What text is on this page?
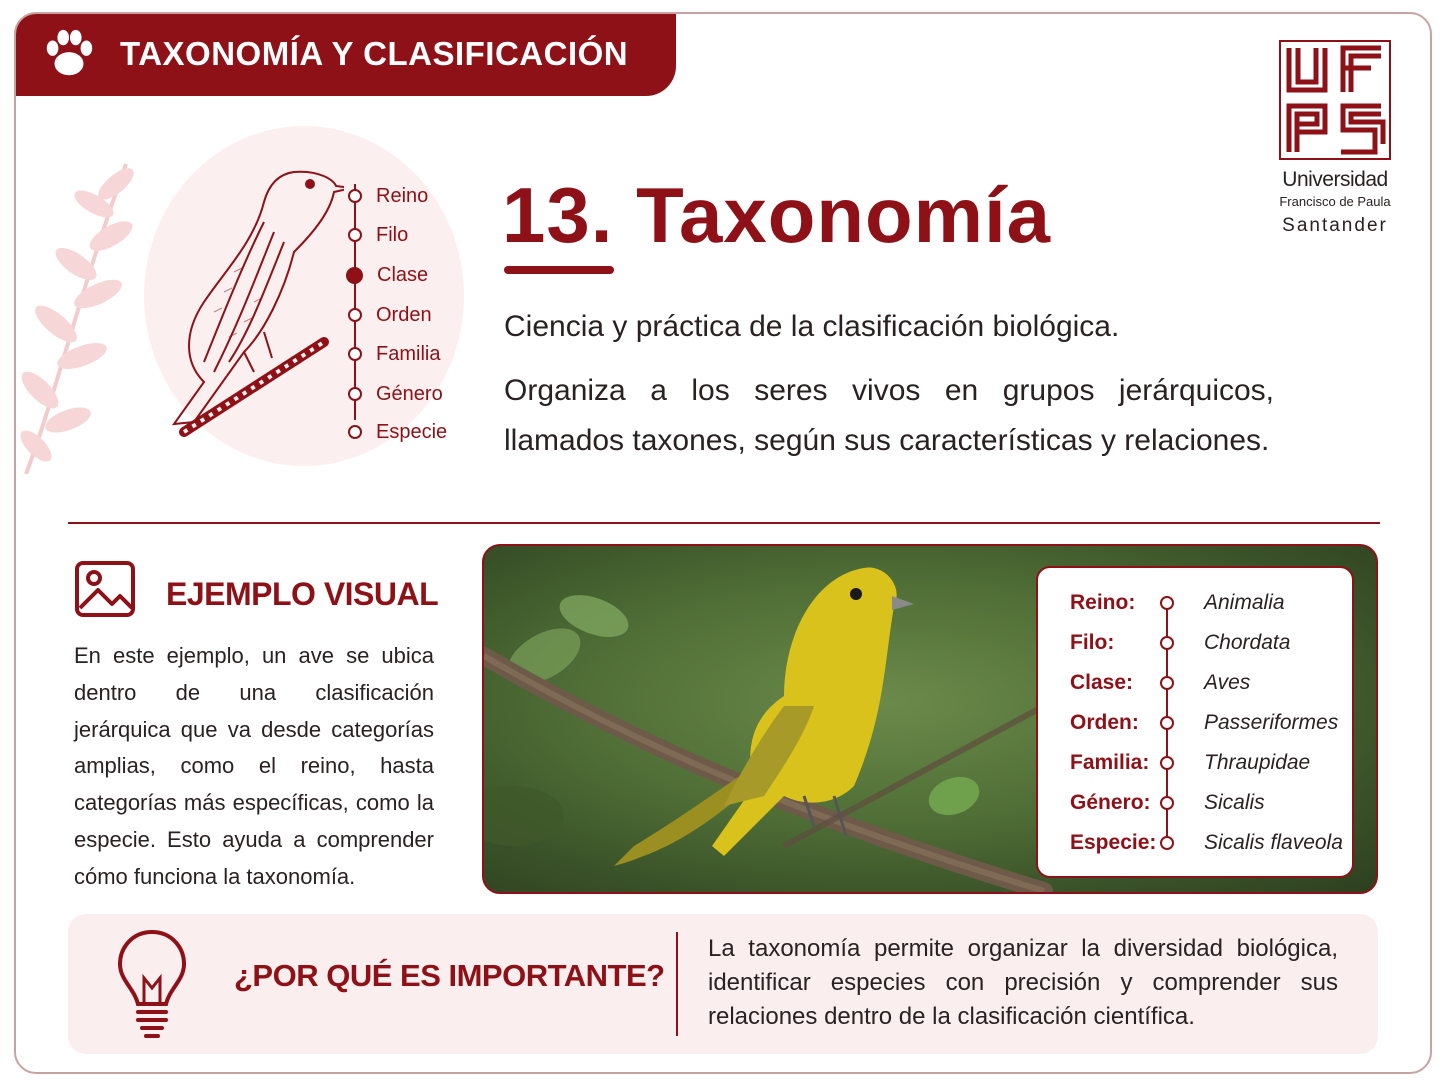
TAXONOMÍA Y CLASIFICACIÓN
Reino
Filo
Clase
Orden
Familia
Género
Especie
13. Taxonomía
Ciencia y práctica de la clasificación biológica.
Organiza a los seres vivos en grupos jerárquicos, llamados taxones, según sus características y relaciones.
Universidad
Francisco de Paula
Santander
EJEMPLO VISUAL
En este ejemplo, un ave se ubica dentro de una clasificación jerárquica que va desde categorías amplias, como el reino, hasta categorías más específicas, como la especie. Esto ayuda a comprender cómo funciona la taxonomía.
Reino:	Animalia
Filo:	Chordata
Clase:	Aves
Orden:	Passeriformes
Familia:	Thraupidae
Género:	Sicalis
Especie: Sicalis flaveola
¿POR QUÉ ES IMPORTANTE?
La taxonomía permite organizar la diversidad biológica, identificar especies con precisión y comprender sus relaciones dentro de la clasificación científica.
